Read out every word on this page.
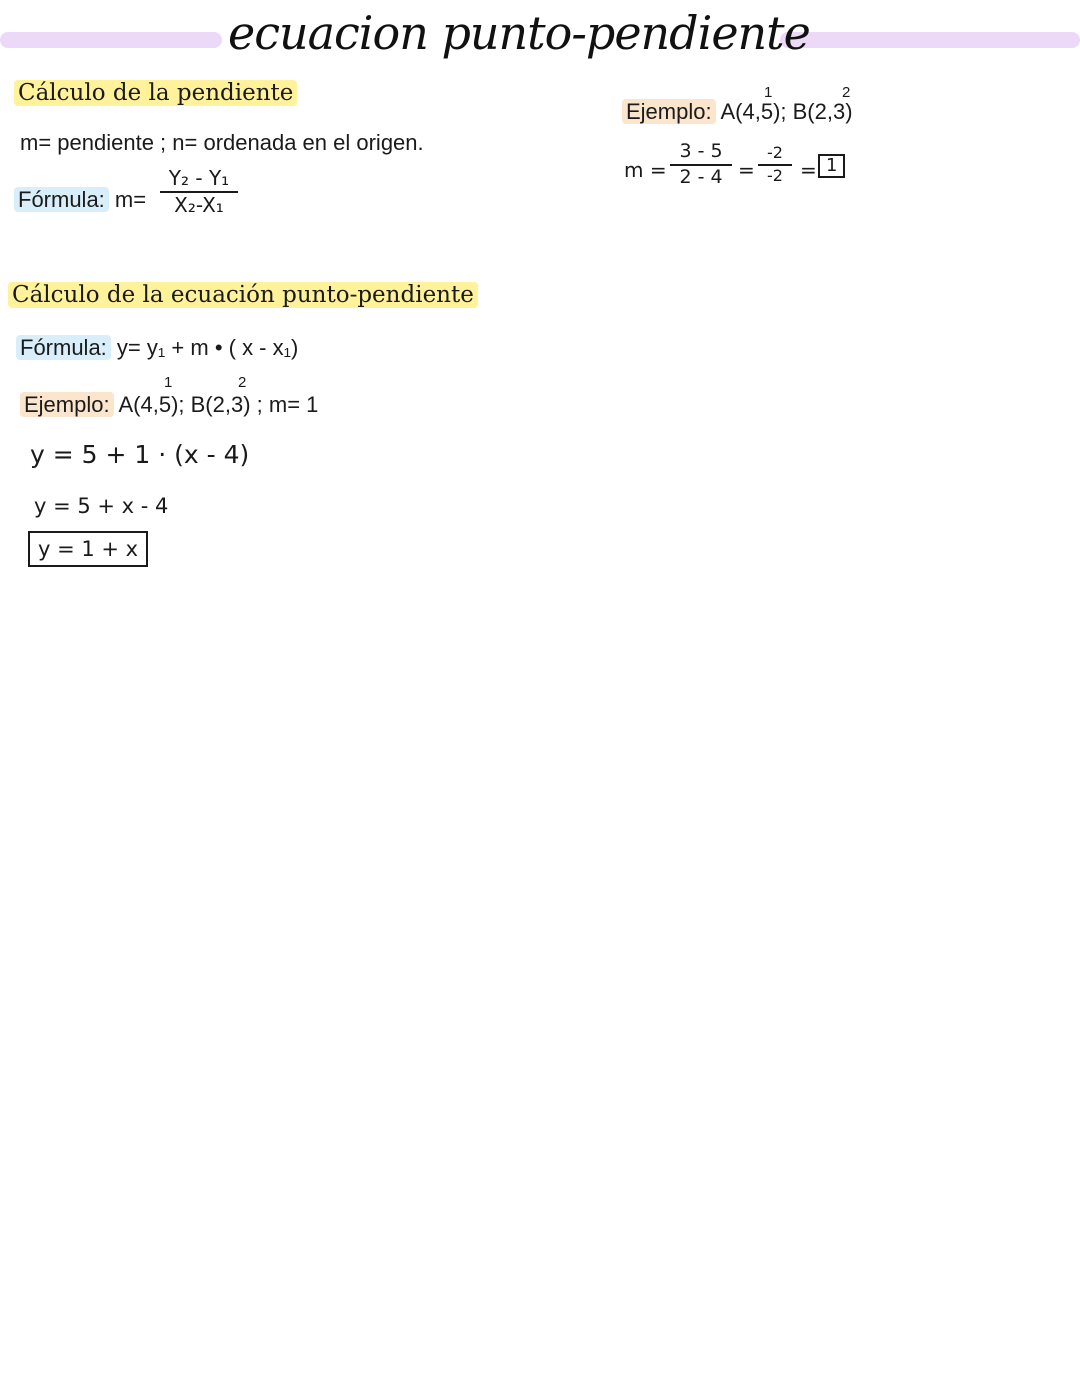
ecuacion punto-pendiente
Cálculo de la pendiente
m= pendiente ; n= ordenada en el origen.
Fórmula: m=
Y₂ - Y₁
X₂-X₁
1	2
Ejemplo: A(4,5); B(2,3)
m =
3 - 5
2 - 4 =
-2
-2 = 1
Cálculo de la ecuación punto-pendiente
Fórmula: y= y₁ + m • ( x - x₁)
1	2
Ejemplo: A(4,5); B(2,3) ; m= 1
y = 5 + 1 · (x - 4)
y = 5 + x - 4
y = 1 + x
